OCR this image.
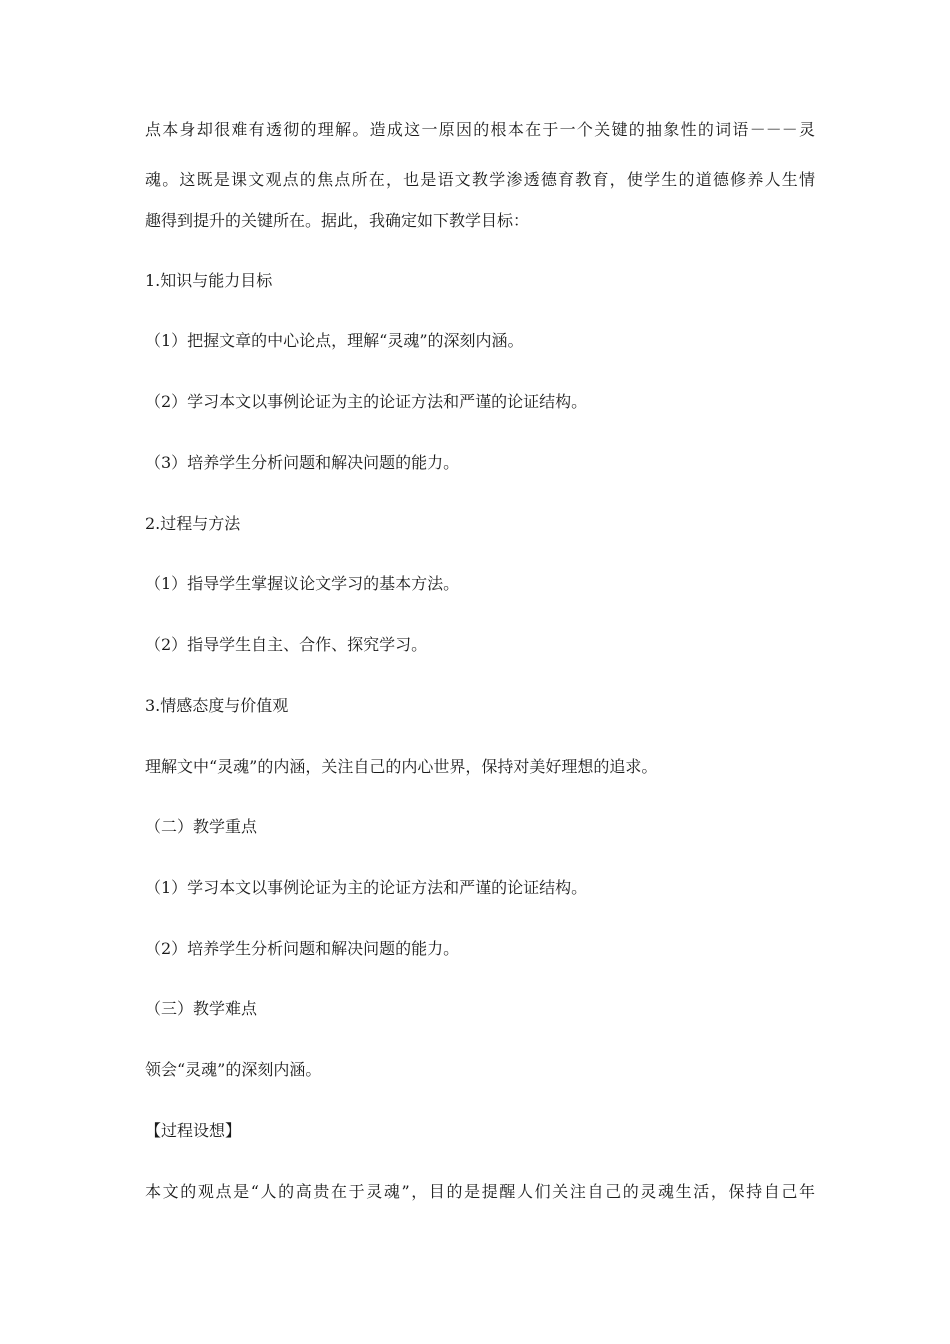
点本身却很难有透彻的理解。造成这一原因的根本在于一个关键的抽象性的词语－－－灵
魂。这既是课文观点的焦点所在，也是语文教学渗透德育教育，使学生的道德修养人生情
趣得到提升的关键所在。据此，我确定如下教学目标：
1.知识与能力目标
（1）把握文章的中心论点，理解“灵魂”的深刻内涵。
（2）学习本文以事例论证为主的论证方法和严谨的论证结构。
（3）培养学生分析问题和解决问题的能力。
2.过程与方法
（1）指导学生掌握议论文学习的基本方法。
（2）指导学生自主、合作、探究学习。
3.情感态度与价值观
理解文中“灵魂”的内涵，关注自己的内心世界，保持对美好理想的追求。
（二）教学重点
（1）学习本文以事例论证为主的论证方法和严谨的论证结构。
（2）培养学生分析问题和解决问题的能力。
（三）教学难点
领会“灵魂”的深刻内涵。
【过程设想】
本文的观点是“人的高贵在于灵魂”，目的是提醒人们关注自己的灵魂生活，保持自己年
